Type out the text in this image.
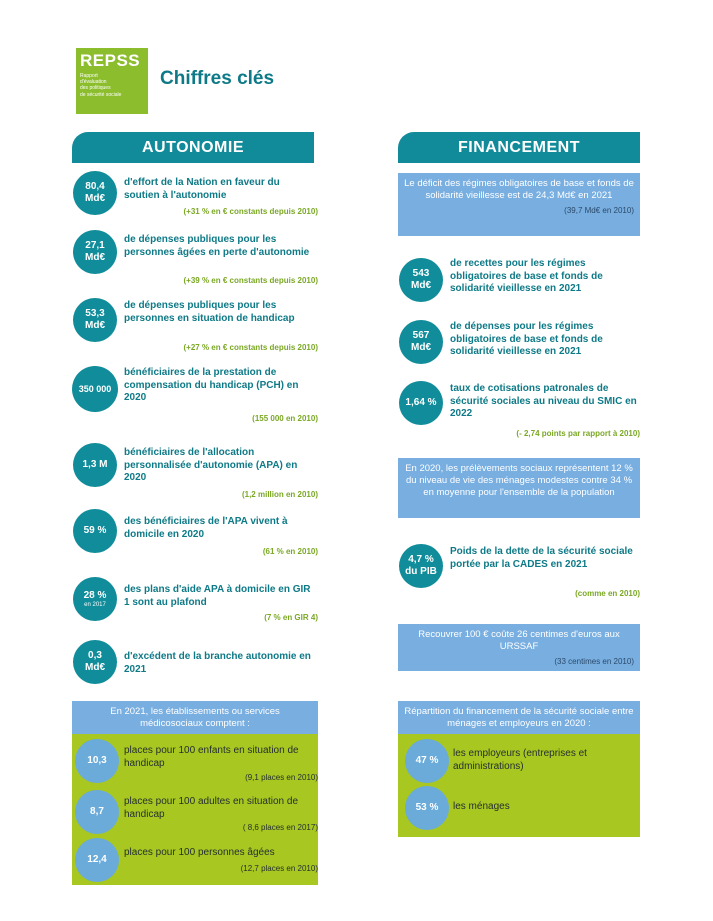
REPSS
Rapport
d'évaluation
des politiques
de sécurité sociale
Chiffres clés
AUTONOMIE
80,4
Md€
d'effort de la Nation en faveur du soutien à l'autonomie
(+31 % en € constants depuis 2010)
27,1
Md€
de dépenses publiques pour les personnes âgées en perte d'autonomie
(+39 % en € constants depuis 2010)
53,3
Md€
de dépenses publiques pour les personnes en situation de handicap
(+27 % en € constants depuis 2010)
350 000
bénéficiaires de la prestation de compensation du handicap (PCH) en 2020
(155 000 en 2010)
1,3 M
bénéficiaires de l'allocation personnalisée d'autonomie (APA) en 2020
(1,2 million en 2010)
59 %
des bénéficiaires de l'APA vivent à domicile en 2020
(61 % en 2010)
28 %
en 2017
des plans d'aide APA à domicile en GIR 1 sont au plafond
(7 % en GIR 4)
0,3
Md€
d'excédent de la branche autonomie en 2021
En 2021, les établissements ou services médicosociaux comptent :
10,3
places pour 100 enfants en situation de handicap
(9,1 places en 2010)
8,7
places pour 100 adultes en situation de handicap
( 8,6 places en 2017)
12,4
places pour 100 personnes âgées
(12,7 places en 2010)
FINANCEMENT
Le déficit des régimes obligatoires de base et fonds de solidarité vieillesse est de 24,3 Md€ en 2021
(39,7 Md€ en 2010)
543
Md€
de recettes pour les régimes obligatoires de base et fonds de solidarité vieillesse en 2021
567
Md€
de dépenses pour les régimes obligatoires de base et fonds de solidarité vieillesse en 2021
1,64 %
taux de cotisations patronales de sécurité sociales au niveau du SMIC en 2022
(- 2,74 points par rapport à 2010)
En 2020, les prélèvements sociaux représentent 12 % du niveau de vie des ménages modestes contre 34 % en moyenne pour l'ensemble de la population
4,7 %
du PIB
Poids de la dette de la sécurité sociale portée par la CADES en 2021
(comme en 2010)
Recouvrer 100 € coûte 26 centimes d'euros aux URSSAF
(33 centimes en 2010)
Répartition du financement de la sécurité sociale entre ménages et employeurs en 2020 :
47 %
les employeurs (entreprises et administrations)
53 % les ménages
